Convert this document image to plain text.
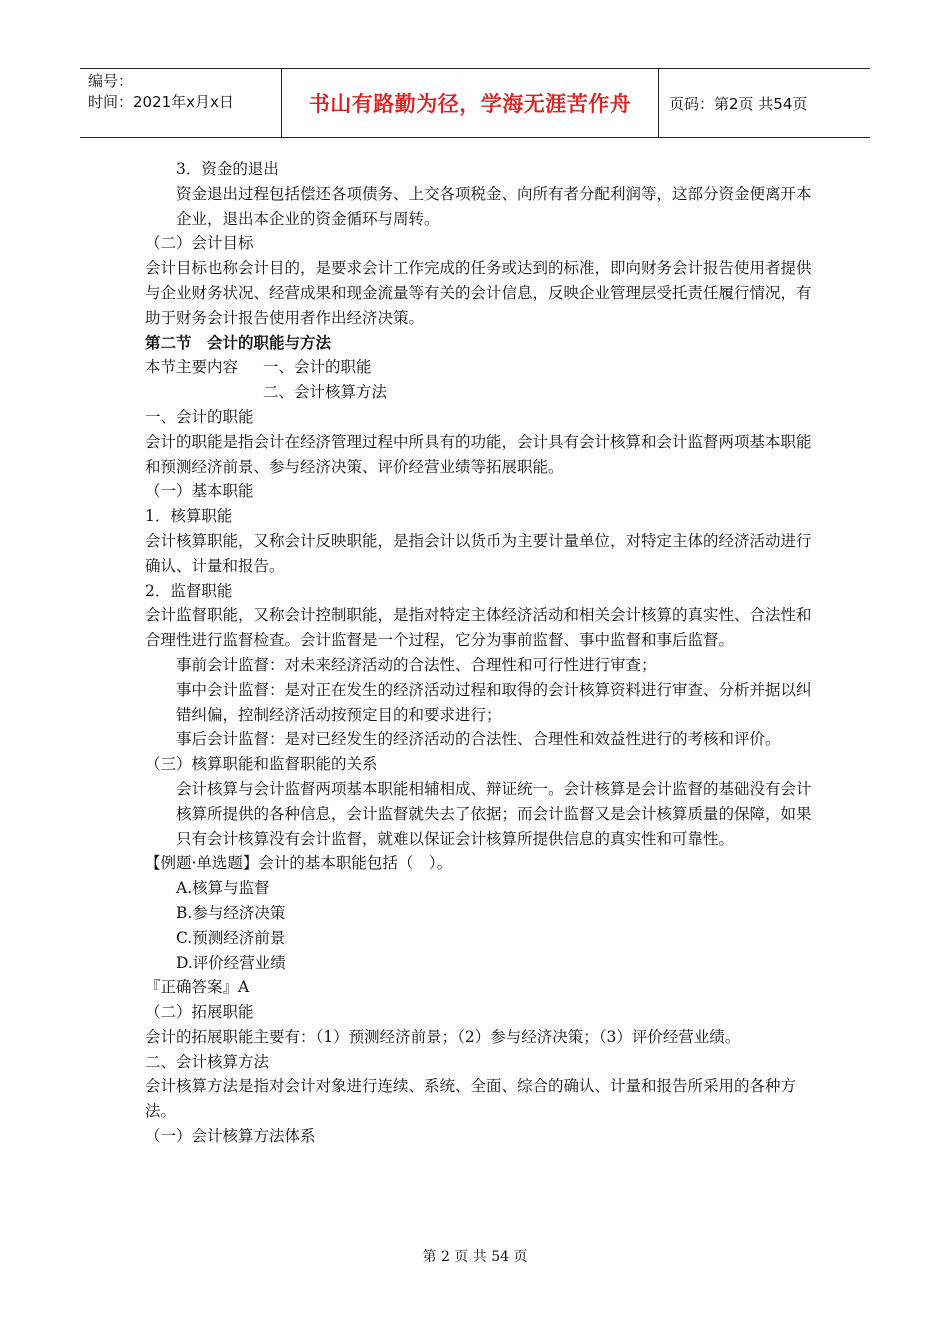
编号：
时间：2021年x月x日	书山有路勤为径，学海无涯苦作舟	页码：第2页 共54页

3．资金的退出

资金退出过程包括偿还各项债务、上交各项税金、向所有者分配利润等，这部分资金便离开本企业，退出本企业的资金循环与周转。

（二）会计目标

会计目标也称会计目的，是要求会计工作完成的任务或达到的标准，即向财务会计报告使用者提供与企业财务状况、经营成果和现金流量等有关的会计信息，反映企业管理层受托责任履行情况，有助于财务会计报告使用者作出经济决策。

第二节　会计的职能与方法

本节主要内容	一、会计的职能

二、会计核算方法

一、会计的职能

会计的职能是指会计在经济管理过程中所具有的功能，会计具有会计核算和会计监督两项基本职能和预测经济前景、参与经济决策、评价经营业绩等拓展职能。

（一）基本职能

1．核算职能

会计核算职能，又称会计反映职能，是指会计以货币为主要计量单位，对特定主体的经济活动进行确认、计量和报告。

2．监督职能

会计监督职能，又称会计控制职能，是指对特定主体经济活动和相关会计核算的真实性、合法性和合理性进行监督检查。会计监督是一个过程，它分为事前监督、事中监督和事后监督。

事前会计监督：对未来经济活动的合法性、合理性和可行性进行审查；

事中会计监督：是对正在发生的经济活动过程和取得的会计核算资料进行审查、分析并据以纠错纠偏，控制经济活动按预定目的和要求进行；

事后会计监督：是对已经发生的经济活动的合法性、合理性和效益性进行的考核和评价。

（三）核算职能和监督职能的关系

会计核算与会计监督两项基本职能相辅相成、辩证统一。会计核算是会计监督的基础没有会计核算所提供的各种信息，会计监督就失去了依据；而会计监督又是会计核算质量的保障，如果只有会计核算没有会计监督，就难以保证会计核算所提供信息的真实性和可靠性。

【例题·单选题】会计的基本职能包括（　）。

A.核算与监督

B.参与经济决策

C.预测经济前景

D.评价经营业绩

『正确答案』A

（二）拓展职能

会计的拓展职能主要有：（1）预测经济前景；（2）参与经济决策；（3）评价经营业绩。

二、会计核算方法

会计核算方法是指对会计对象进行连续、系统、全面、综合的确认、计量和报告所采用的各种方法。

（一）会计核算方法体系

第 2 页 共 54 页
